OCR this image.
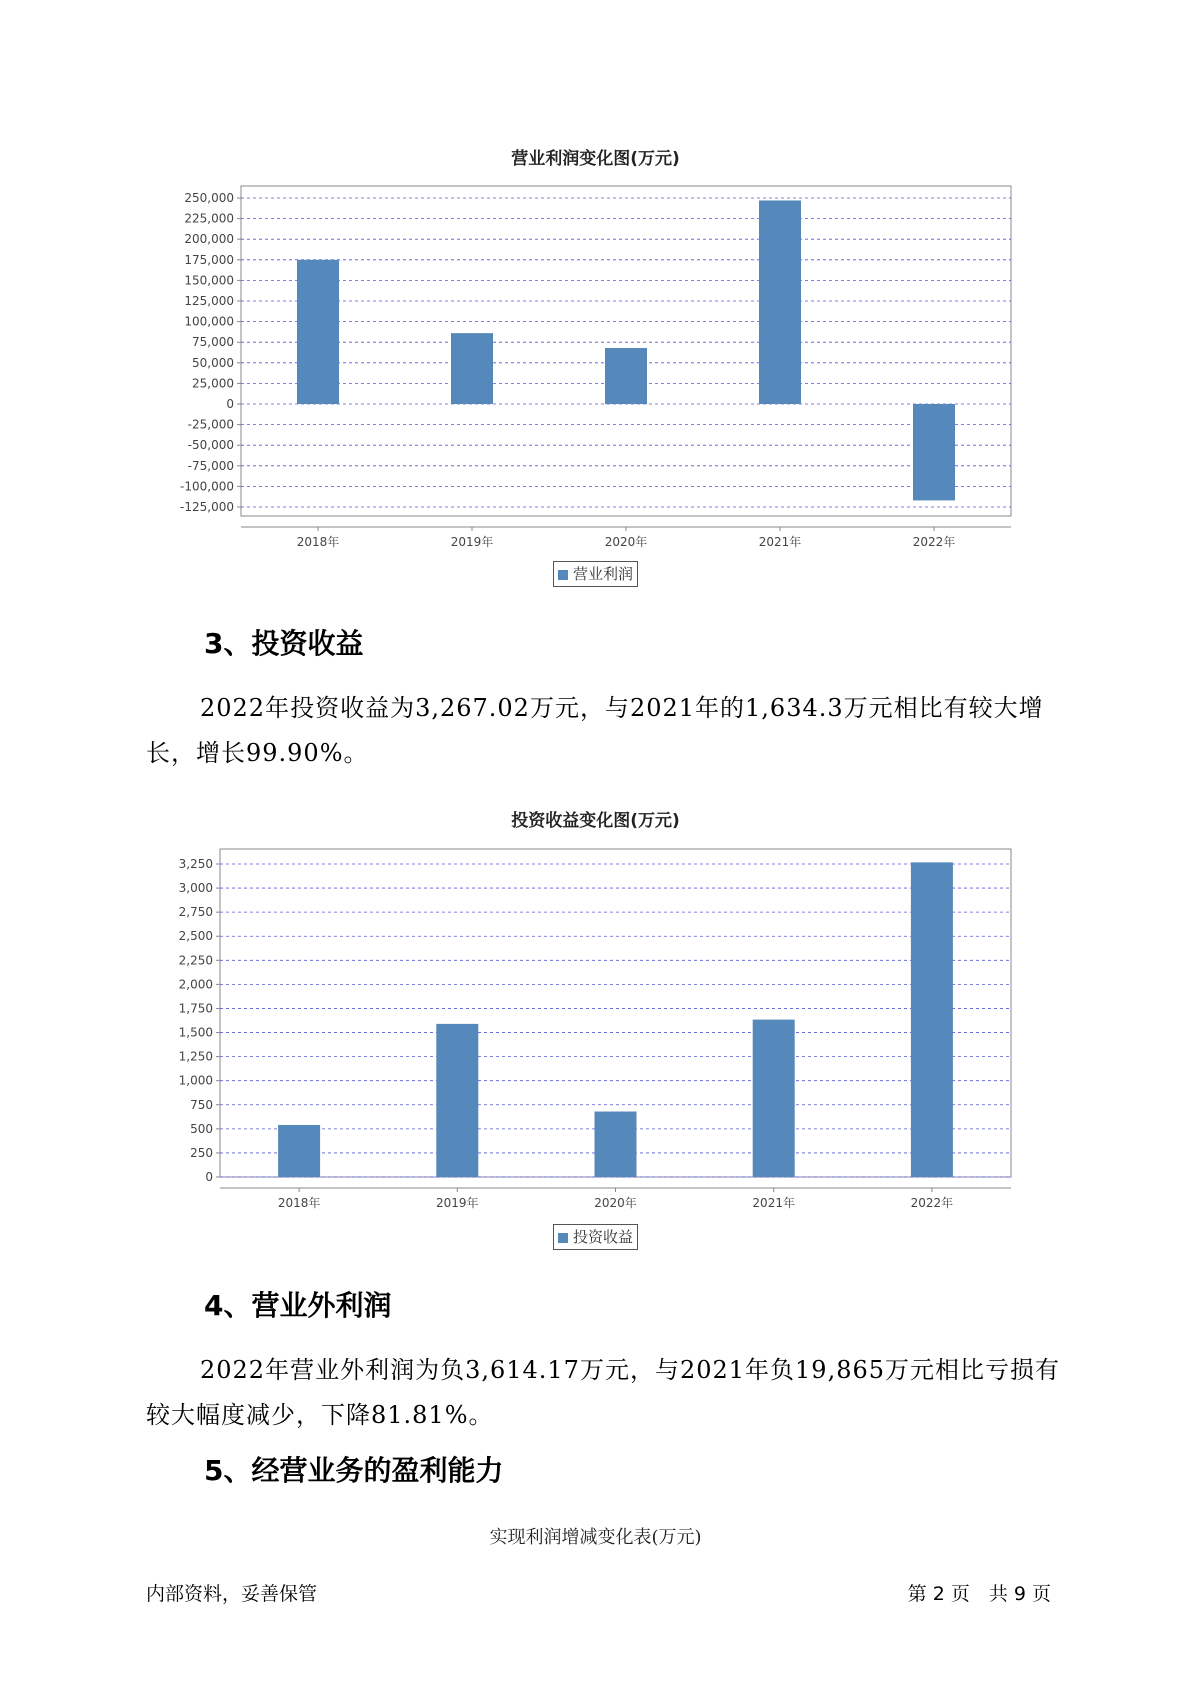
营业利润变化图(万元)
250,000
225,000
200,000
175,000
150,000
125,000
100,000
75,000
50,000
25,000
0
-25,000
-50,000
-75,000
-100,000
-125,000
2018年	2019年	2020年	2021年	2022年
营业利润
3、投资收益
2022年投资收益为3,267.02万元，与2021年的1,634.3万元相比有较大增长，增长99.90%。
投资收益变化图(万元)
3,250
3,000
2,750
2,500
2,250
2,000
1,750
1,500
1,250
1,000
750
500
250
0
2018年	2019年	2020年	2021年	2022年
投资收益
4、营业外利润
2022年营业外利润为负3,614.17万元，与2021年负19,865万元相比亏损有较大幅度减少，下降81.81%。
5、经营业务的盈利能力
实现利润增减变化表(万元)
内部资料，妥善保管	第 2 页　共 9 页
